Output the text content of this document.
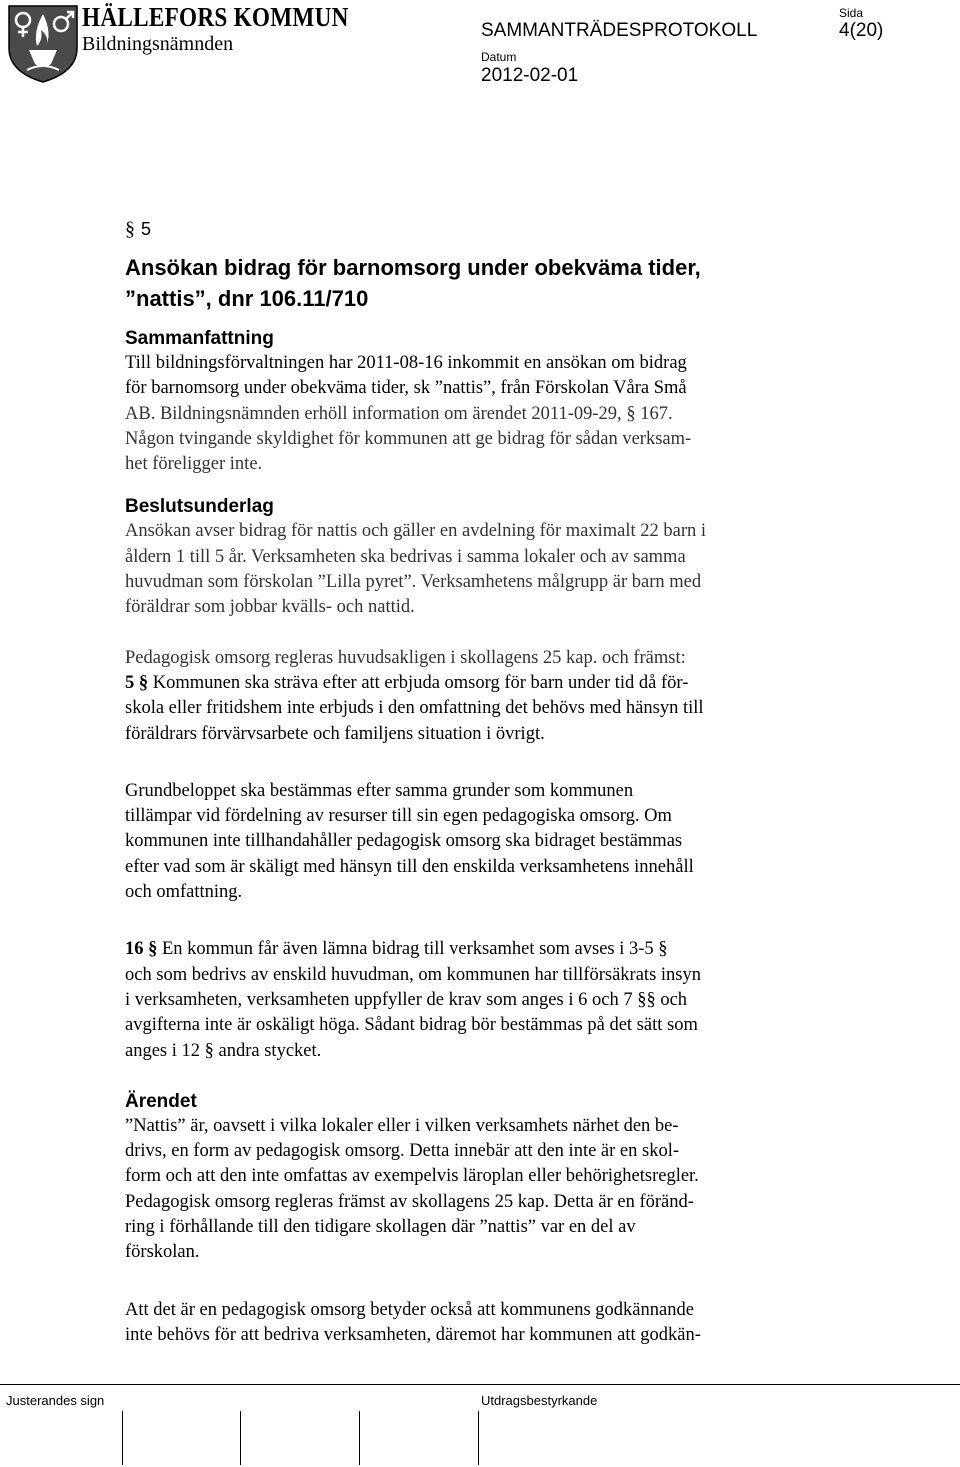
HÄLLEFORS KOMMUN
Bildningsnämnden
SAMMANTRÄDESPROTOKOLL
Sida
4(20)
Datum
2012-02-01
§ 5
Ansökan bidrag för barnomsorg under obekväma tider,
”nattis”, dnr 106.11/710
Sammanfattning
Till bildningsförvaltningen har 2011-08-16 inkommit en ansökan om bidrag
för barnomsorg under obekväma tider, sk ”nattis”, från Förskolan Våra Små
AB. Bildningsnämnden erhöll information om ärendet 2011-09-29, § 167.
Någon tvingande skyldighet för kommunen att ge bidrag för sådan verksam-
het föreligger inte.
Beslutsunderlag
Ansökan avser bidrag för nattis och gäller en avdelning för maximalt 22 barn i
åldern 1 till 5 år. Verksamheten ska bedrivas i samma lokaler och av samma
huvudman som förskolan ”Lilla pyret”. Verksamhetens målgrupp är barn med
föräldrar som jobbar kvälls- och nattid.
Pedagogisk omsorg regleras huvudsakligen i skollagens 25 kap. och främst:
5 § Kommunen ska sträva efter att erbjuda omsorg för barn under tid då för-
skola eller fritidshem inte erbjuds i den omfattning det behövs med hänsyn till
föräldrars förvärvsarbete och familjens situation i övrigt.
Grundbeloppet ska bestämmas efter samma grunder som kommunen
tillämpar vid fördelning av resurser till sin egen pedagogiska omsorg. Om
kommunen inte tillhandahåller pedagogisk omsorg ska bidraget bestämmas
efter vad som är skäligt med hänsyn till den enskilda verksamhetens innehåll
och omfattning.
16 § En kommun får även lämna bidrag till verksamhet som avses i 3-5 §
och som bedrivs av enskild huvudman, om kommunen har tillförsäkrats insyn
i verksamheten, verksamheten uppfyller de krav som anges i 6 och 7 §§ och
avgifterna inte är oskäligt höga. Sådant bidrag bör bestämmas på det sätt som
anges i 12 § andra stycket.
Ärendet
”Nattis” är, oavsett i vilka lokaler eller i vilken verksamhets närhet den be-
drivs, en form av pedagogisk omsorg. Detta innebär att den inte är en skol-
form och att den inte omfattas av exempelvis läroplan eller behörighetsregler.
Pedagogisk omsorg regleras främst av skollagens 25 kap. Detta är en föränd-
ring i förhållande till den tidigare skollagen där ”nattis” var en del av
förskolan.
Att det är en pedagogisk omsorg betyder också att kommunens godkännande
inte behövs för att bedriva verksamheten, däremot har kommunen att godkän-
Justerandes sign	Utdragsbestyrkande
